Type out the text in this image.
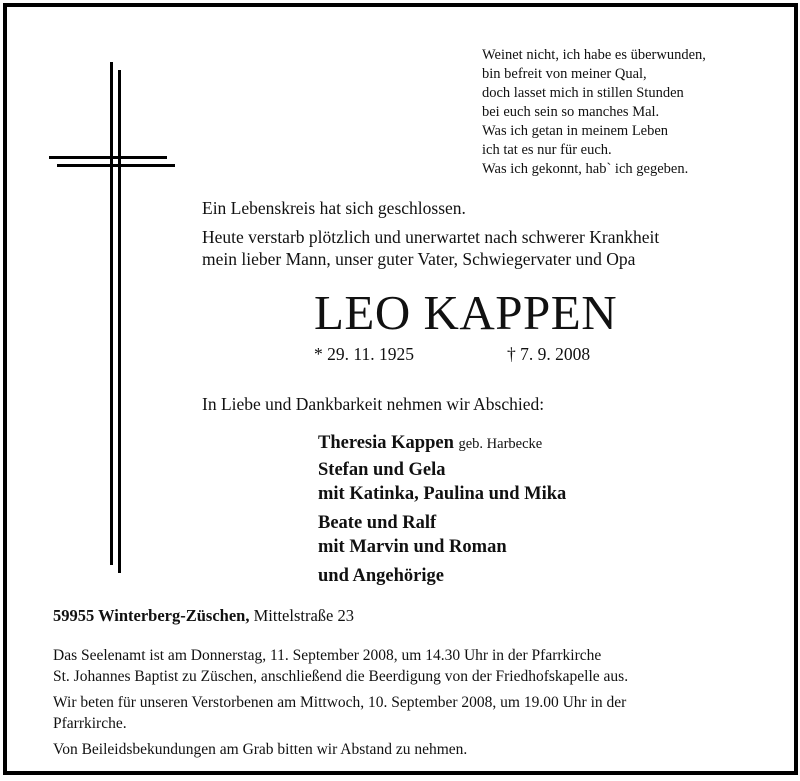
Weinet nicht, ich habe es überwunden,
bin befreit von meiner Qual,
doch lasset mich in stillen Stunden
bei euch sein so manches Mal.
Was ich getan in meinem Leben
ich tat es nur für euch.
Was ich gekonnt, hab` ich gegeben.
Ein Lebenskreis hat sich geschlossen.
Heute verstarb plötzlich und unerwartet nach schwerer Krankheit
mein lieber Mann, unser guter Vater, Schwiegervater und Opa
LEO KAPPEN
* 29. 11. 1925	† 7. 9. 2008
In Liebe und Dankbarkeit nehmen wir Abschied:
Theresia Kappen geb. Harbecke
Stefan und Gela
mit Katinka, Paulina und Mika
Beate und Ralf
mit Marvin und Roman
und Angehörige
59955 Winterberg-Züschen, Mittelstraße 23
Das Seelenamt ist am Donnerstag, 11. September 2008, um 14.30 Uhr in der Pfarrkirche
St. Johannes Baptist zu Züschen, anschließend die Beerdigung von der Friedhofskapelle aus.
Wir beten für unseren Verstorbenen am Mittwoch, 10. September 2008, um 19.00 Uhr in der
Pfarrkirche.
Von Beileidsbekundungen am Grab bitten wir Abstand zu nehmen.
